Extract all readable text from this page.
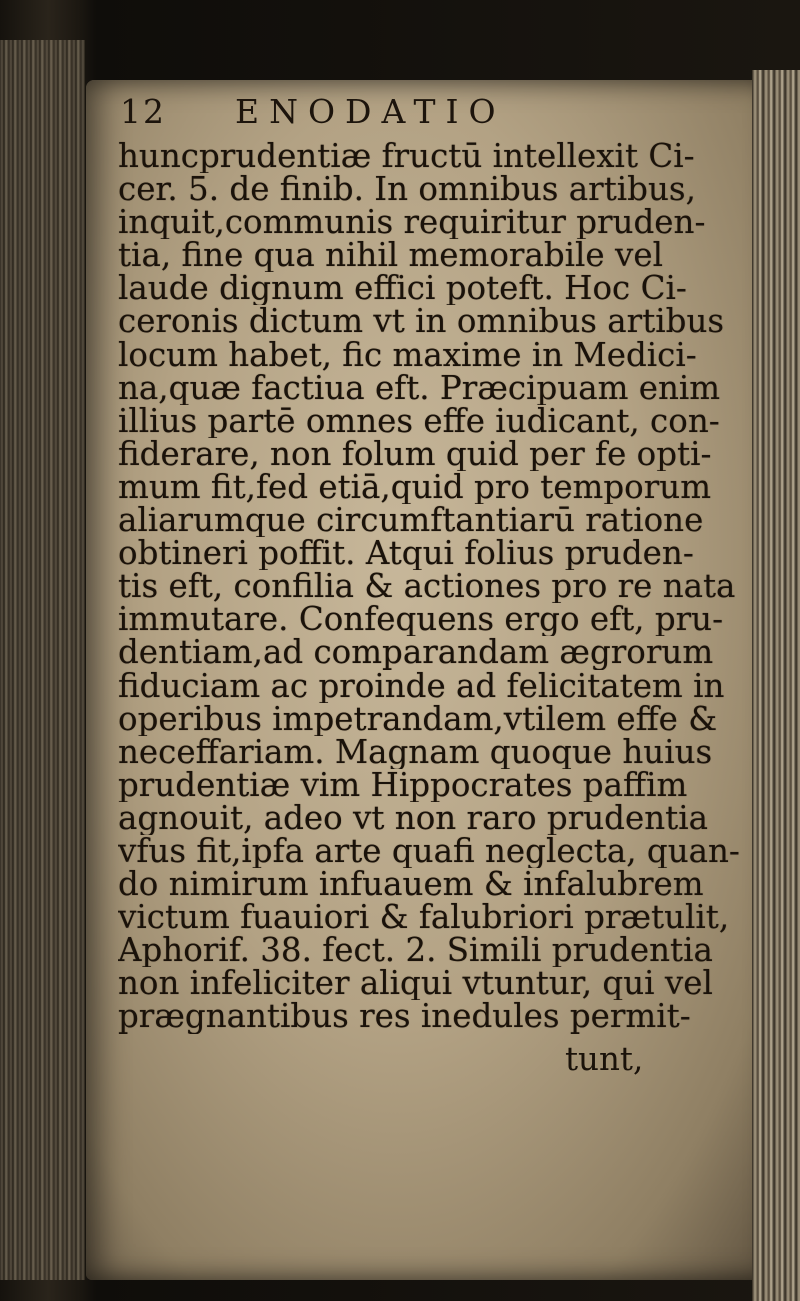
12 ENODATIO
huncprudentiæ fructū intellexit Ci-
cer. 5. de finib. In omnibus artibus,
inquit,communis requiritur pruden-
tia, fine qua nihil memorabile vel
laude dignum effici poteft. Hoc Ci-
ceronis dictum vt in omnibus artibus
locum habet, fic maxime in Medici-
na,quæ factiua eft. Præcipuam enim
illius partē omnes effe iudicant, con-
fiderare, non folum quid per fe opti-
mum fit,fed etiā,quid pro temporum
aliarumque circumftantiarū ratione
obtineri poffit. Atqui folius pruden-
tis eft, confilia & actiones pro re nata
immutare. Confequens ergo eft, pru-
dentiam,ad comparandam ægrorum
fiduciam ac proinde ad felicitatem in
operibus impetrandam,vtilem effe &
neceffariam. Magnam quoque huius
prudentiæ vim Hippocrates paffim
agnouit, adeo vt non raro prudentia
vfus fit,ipfa arte quafi neglecta, quan-
do nimirum infuauem & infalubrem
victum fuauiori & falubriori prætulit,
Aphorif. 38. fect. 2. Simili prudentia
non infeliciter aliqui vtuntur, qui vel
prægnantibus res inedules permit-
tunt,
